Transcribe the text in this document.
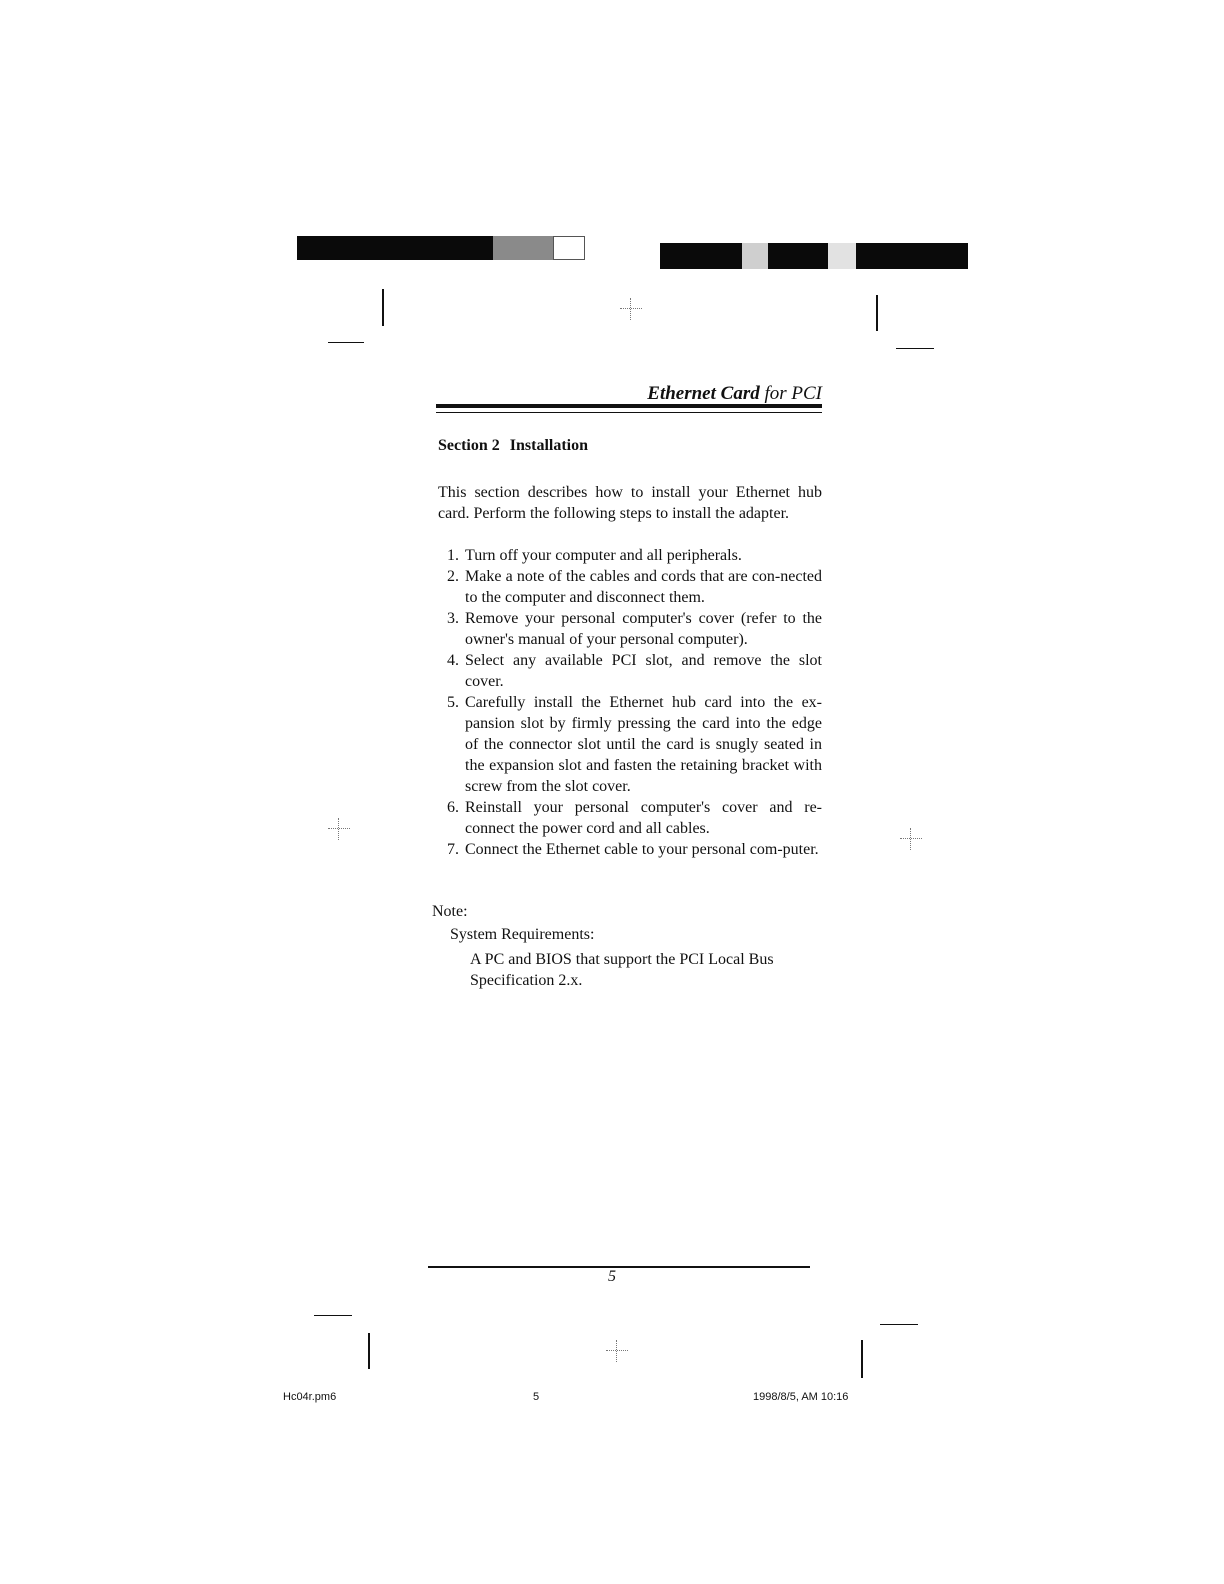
Ethernet Card for PCI
Section 2 Installation
This section describes how to install your Ethernet hub card. Perform the following steps to install the adapter.
1. Turn off your computer and all peripherals.
2. Make a note of the cables and cords that are con-nected to the computer and disconnect them.
3. Remove your personal computer's cover (refer to the owner's manual of your personal computer).
4. Select any available PCI slot, and remove the slot cover.
5. Carefully install the Ethernet hub card into the ex-pansion slot by firmly pressing the card into the edge of the connector slot until the card is snugly seated in the expansion slot and fasten the retaining bracket with screw from the slot cover.
6. Reinstall your personal computer's cover and re-connect the power cord and all cables.
7. Connect the Ethernet cable to your personal com-puter.
Note:
System Requirements:
A PC and BIOS that support the PCI Local Bus Specification 2.x.
5
Hc04r.pm6	5	1998/8/5, AM 10:16
